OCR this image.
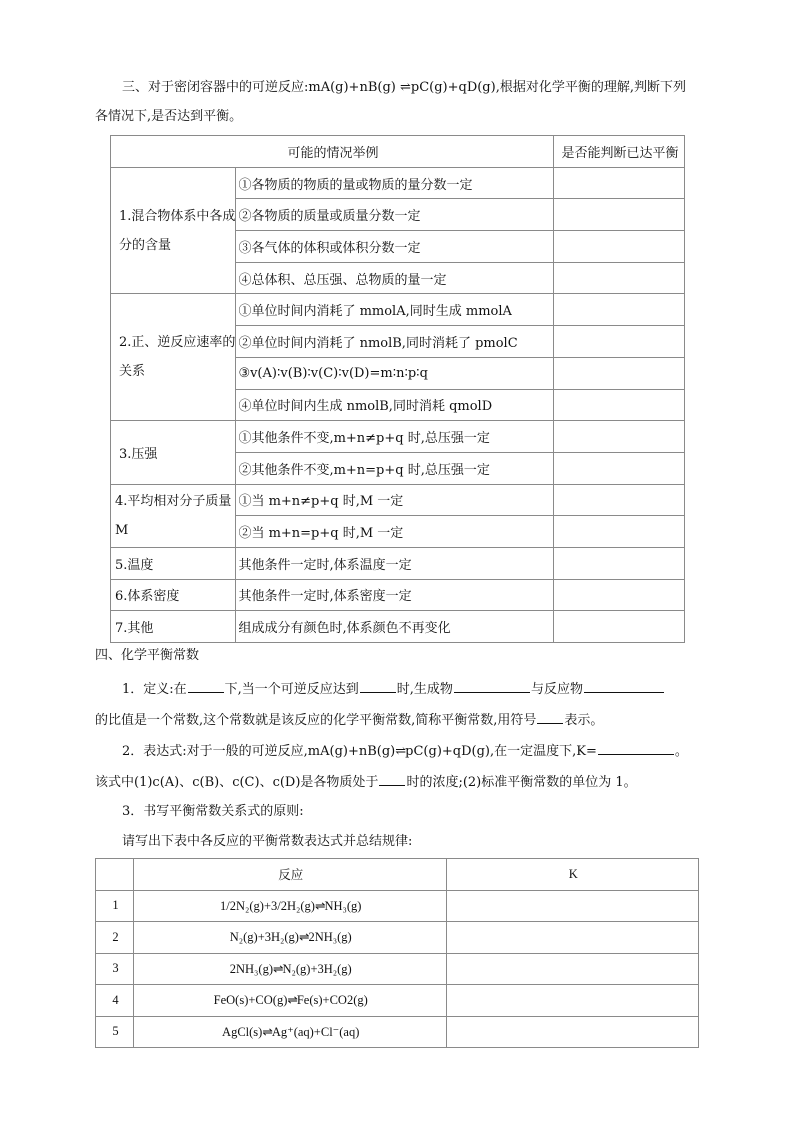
三、对于密闭容器中的可逆反应:mA(g)+nB(g) ⇌pC(g)+qD(g),根据对化学平衡的理解,判断下列
各情况下,是否达到平衡。
可能的情况举例		是否能判断已达平衡
1.混合物体系中各成分的含量	①各物质的物质的量或物质的量分数一定	
	②各物质的质量或质量分数一定	
	③各气体的体积或体积分数一定	
	④总体积、总压强、总物质的量一定	
2.正、逆反应速率的关系	①单位时间内消耗了 mmolA,同时生成 mmolA	
	②单位时间内消耗了 nmolB,同时消耗了 pmolC	
	③v(A)∶v(B)∶v(C)∶v(D)=m∶n∶p∶q	
	④单位时间内生成 nmolB,同时消耗 qmolD	
3.压强	①其他条件不变,m+n≠p+q 时,总压强一定	
	②其他条件不变,m+n=p+q 时,总压强一定	
4.平均相对分子质量 M	①当 m+n≠p+q 时,M 一定	
	②当 m+n=p+q 时,M 一定	
5.温度	其他条件一定时,体系温度一定	
6.体系密度	其他条件一定时,体系密度一定	
7.其他	组成成分有颜色时,体系颜色不再变化	
四、化学平衡常数
1．定义:在	下,当一个可逆反应达到	时,生成物	与反应物
的比值是一个常数,这个常数就是该反应的化学平衡常数,简称平衡常数,用符号 表示。
2．表达式:对于一般的可逆反应,mA(g)+nB(g)⇌pC(g)+qD(g),在一定温度下,K=	。
该式中(1)c(A)、c(B)、c(C)、c(D)是各物质处于 时的浓度;(2)标准平衡常数的单位为 1。
3．书写平衡常数关系式的原则:
请写出下表中各反应的平衡常数表达式并总结规律:
	反应	K
1	1/2N₂(g)+3/2H₂(g)⇌NH₃(g)	
2	N₂(g)+3H₂(g)⇌2NH₃(g)	
3	2NH₃(g)⇌N₂(g)+3H₂(g)	
4	FeO(s)+CO(g)⇌Fe(s)+CO2(g)	
5	AgCl(s)⇌Ag⁺(aq)+Cl⁻(aq)	
